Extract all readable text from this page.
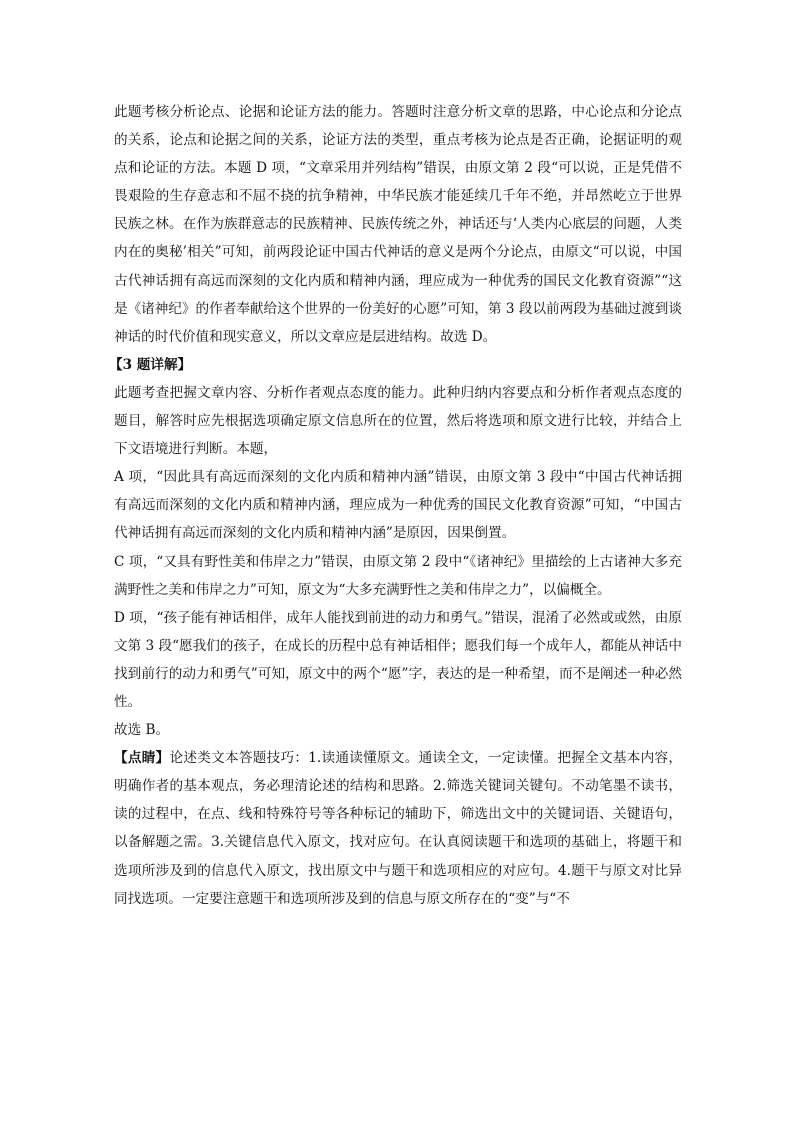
此题考核分析论点、论据和论证方法的能力。答题时注意分析文章的思路，中心论点和分论点的关系，论点和论据之间的关系，论证方法的类型，重点考核为论点是否正确，论据证明的观点和论证的方法。本题 D 项，“文章采用并列结构”错误，由原文第 2 段“可以说，正是凭借不畏艰险的生存意志和不屈不挠的抗争精神，中华民族才能延续几千年不绝，并昂然屹立于世界民族之林。在作为族群意志的民族精神、民族传统之外，神话还与‘人类内心底层的问题，人类内在的奥秘’相关”可知，前两段论证中国古代神话的意义是两个分论点，由原文“可以说，中国古代神话拥有高远而深刻的文化内质和精神内涵，理应成为一种优秀的国民文化教育资源”“这是《诸神纪》的作者奉献给这个世界的一份美好的心愿”可知，第 3 段以前两段为基础过渡到谈神话的时代价值和现实意义，所以文章应是层进结构。故选 D。

【3 题详解】

此题考查把握文章内容、分析作者观点态度的能力。此种归纳内容要点和分析作者观点态度的题目，解答时应先根据选项确定原文信息所在的位置，然后将选项和原文进行比较，并结合上下文语境进行判断。本题，

A 项，“因此具有高远而深刻的文化内质和精神内涵”错误，由原文第 3 段中“中国古代神话拥有高远而深刻的文化内质和精神内涵，理应成为一种优秀的国民文化教育资源”可知，“中国古代神话拥有高远而深刻的文化内质和精神内涵”是原因，因果倒置。

C 项，“又具有野性美和伟岸之力”错误，由原文第 2 段中“《诸神纪》里描绘的上古诸神大多充满野性之美和伟岸之力”可知，原文为“大多充满野性之美和伟岸之力”，以偏概全。

D 项，“孩子能有神话相伴，成年人能找到前进的动力和勇气。”错误，混淆了必然或或然，由原文第 3 段“愿我们的孩子，在成长的历程中总有神话相伴；愿我们每一个成年人，都能从神话中找到前行的动力和勇气”可知，原文中的两个“愿”字，表达的是一种希望，而不是阐述一种必然性。

故选 B。

【点睛】论述类文本答题技巧：1.读通读懂原文。通读全文，一定读懂。把握全文基本内容，明确作者的基本观点，务必理清论述的结构和思路。2.筛选关键词关键句。不动笔墨不读书，读的过程中，在点、线和特殊符号等各种标记的辅助下，筛选出文中的关键词语、关键语句，以备解题之需。3.关键信息代入原文，找对应句。在认真阅读题干和选项的基础上，将题干和选项所涉及到的信息代入原文，找出原文中与题干和选项相应的对应句。4.题干与原文对比异同找选项。一定要注意题干和选项所涉及到的信息与原文所存在的“变”与“不
